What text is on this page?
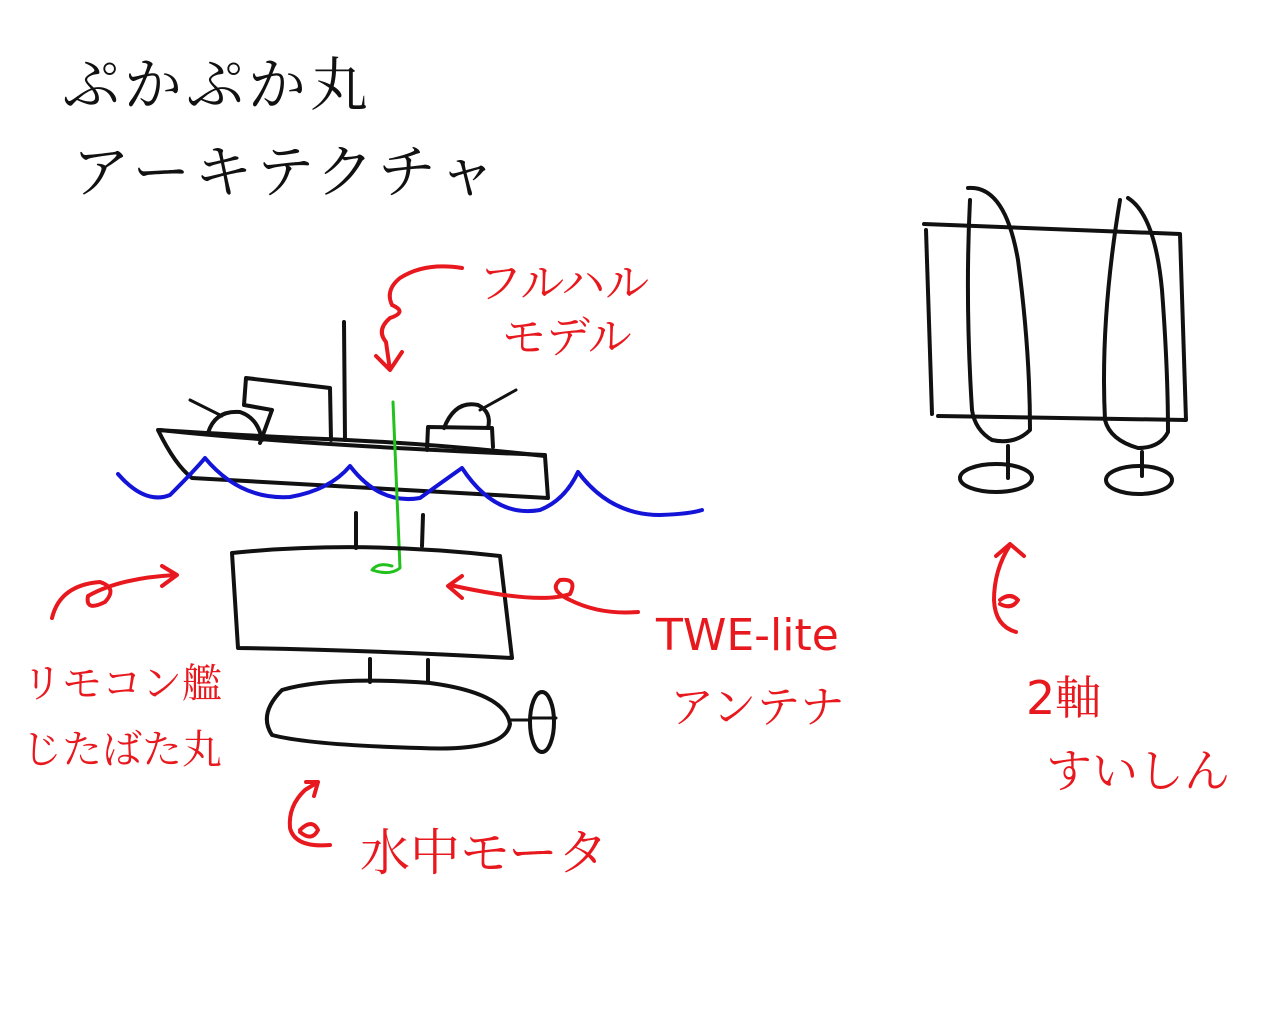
ぷかぷか丸
アーキテクチャ
フルハル
モデル
リモコン艦
じたばた丸
TWE-lite
アンテナ
水中モータ
2軸
すいしん
